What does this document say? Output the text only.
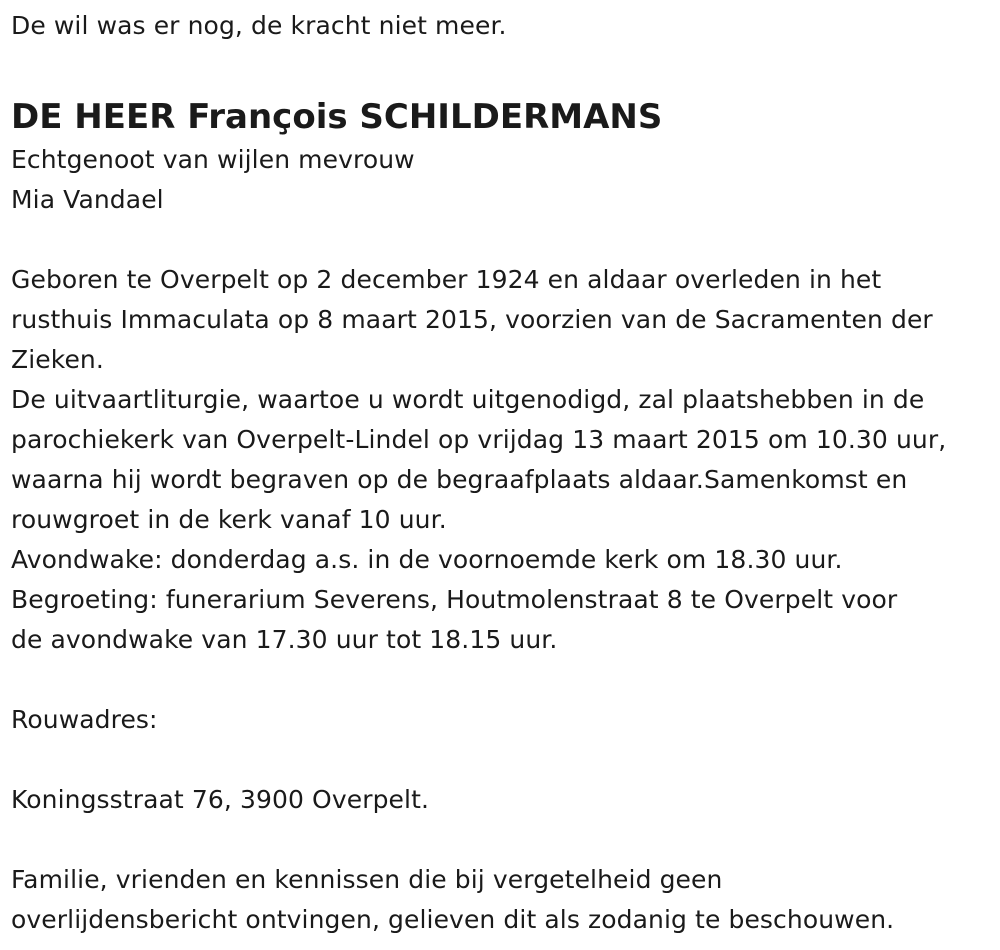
De wil was er nog, de kracht niet meer.
DE HEER François SCHILDERMANS
Echtgenoot van wijlen mevrouw
Mia Vandael
Geboren te Overpelt op 2 december 1924 en aldaar overleden in het
rusthuis Immaculata op 8 maart 2015, voorzien van de Sacramenten der
Zieken.
De uitvaartliturgie, waartoe u wordt uitgenodigd, zal plaatshebben in de
parochiekerk van Overpelt-Lindel op vrijdag 13 maart 2015 om 10.30 uur,
waarna hij wordt begraven op de begraafplaats aldaar.Samenkomst en
rouwgroet in de kerk vanaf 10 uur.
Avondwake: donderdag a.s. in de voornoemde kerk om 18.30 uur.
Begroeting: funerarium Severens, Houtmolenstraat 8 te Overpelt voor
de avondwake van 17.30 uur tot 18.15 uur.
Rouwadres:
Koningsstraat 76, 3900 Overpelt.
Familie, vrienden en kennissen die bij vergetelheid geen
overlijdensbericht ontvingen, gelieven dit als zodanig te beschouwen.
